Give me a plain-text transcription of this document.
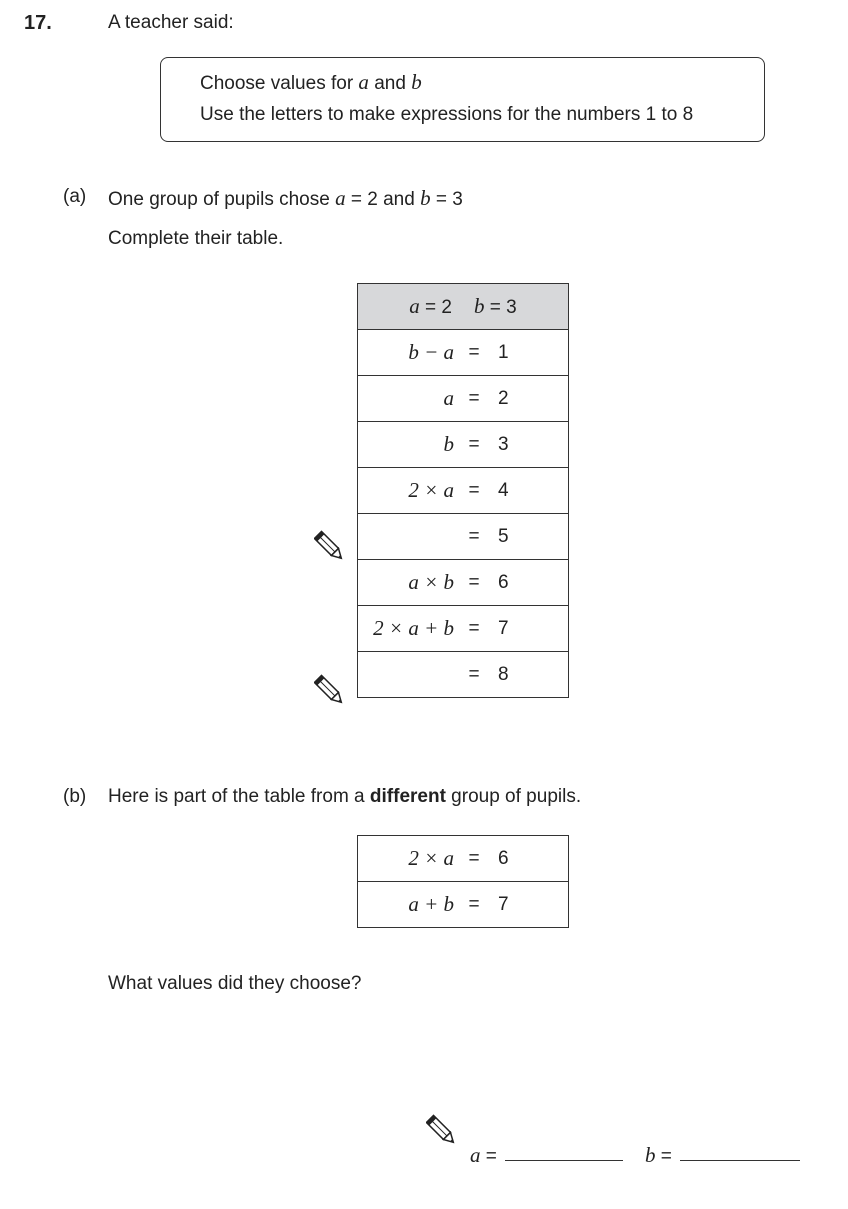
17.	A teacher said:
Choose values for a and b
Use the letters to make expressions for the numbers 1 to 8
(a) One group of pupils chose a = 2 and b = 3
Complete their table.
a = 2 b = 3

b − a = 1

a = 2

b = 3

2 × a = 4

= 5

a × b = 6

2 × a + b = 7

= 8
(b) Here is part of the table from a different group of pupils.
2 × a = 6

a + b = 7
What values did they choose?
a =	b =
